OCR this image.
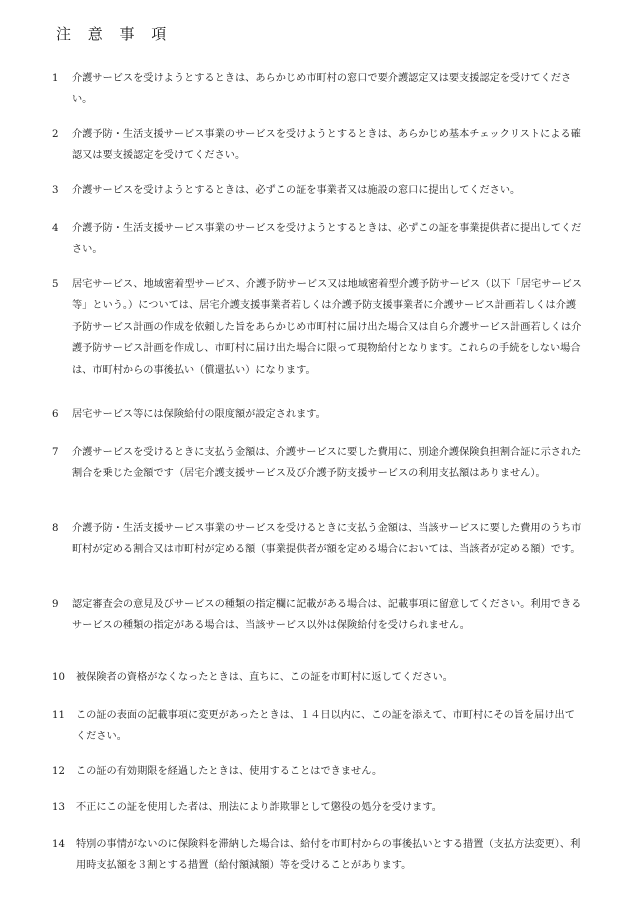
注 意 事 項
1	介護サービスを受けようとするときは、あらかじめ市町村の窓口で要介護認定又は要支援認定を受けてください。
2	介護予防・生活支援サービス事業のサービスを受けようとするときは、あらかじめ基本チェックリストによる確認又は要支援認定を受けてください。
3	介護サービスを受けようとするときは、必ずこの証を事業者又は施設の窓口に提出してください。
4	介護予防・生活支援サービス事業のサービスを受けようとするときは、必ずこの証を事業提供者に提出してください。
5	居宅サービス、地域密着型サービス、介護予防サービス又は地域密着型介護予防サービス（以下「居宅サービス等」という。）については、居宅介護支援事業者若しくは介護予防支援事業者に介護サービス計画若しくは介護予防サービス計画の作成を依頼した旨をあらかじめ市町村に届け出た場合又は自ら介護サービス計画若しくは介護予防サービス計画を作成し、市町村に届け出た場合に限って現物給付となります。これらの手続をしない場合は、市町村からの事後払い（償還払い）になります。
6	居宅サービス等には保険給付の限度額が設定されます。
7	介護サービスを受けるときに支払う金額は、介護サービスに要した費用に、別途介護保険負担割合証に示された割合を乗じた金額です（居宅介護支援サービス及び介護予防支援サービスの利用支払額はありません）。
8	介護予防・生活支援サービス事業のサービスを受けるときに支払う金額は、当該サービスに要した費用のうち市町村が定める割合又は市町村が定める額（事業提供者が額を定める場合においては、当該者が定める額）です。
9	認定審査会の意見及びサービスの種類の指定欄に記載がある場合は、記載事項に留意してください。利用できるサービスの種類の指定がある場合は、当該サービス以外は保険給付を受けられません。
10	被保険者の資格がなくなったときは、直ちに、この証を市町村に返してください。
11	この証の表面の記載事項に変更があったときは、１４日以内に、この証を添えて、市町村にその旨を届け出てください。
12	この証の有効期限を経過したときは、使用することはできません。
13	不正にこの証を使用した者は、刑法により詐欺罪として懲役の処分を受けます。
14	特別の事情がないのに保険料を滞納した場合は、給付を市町村からの事後払いとする措置（支払方法変更）、利用時支払額を３割とする措置（給付額減額）等を受けることがあります。
